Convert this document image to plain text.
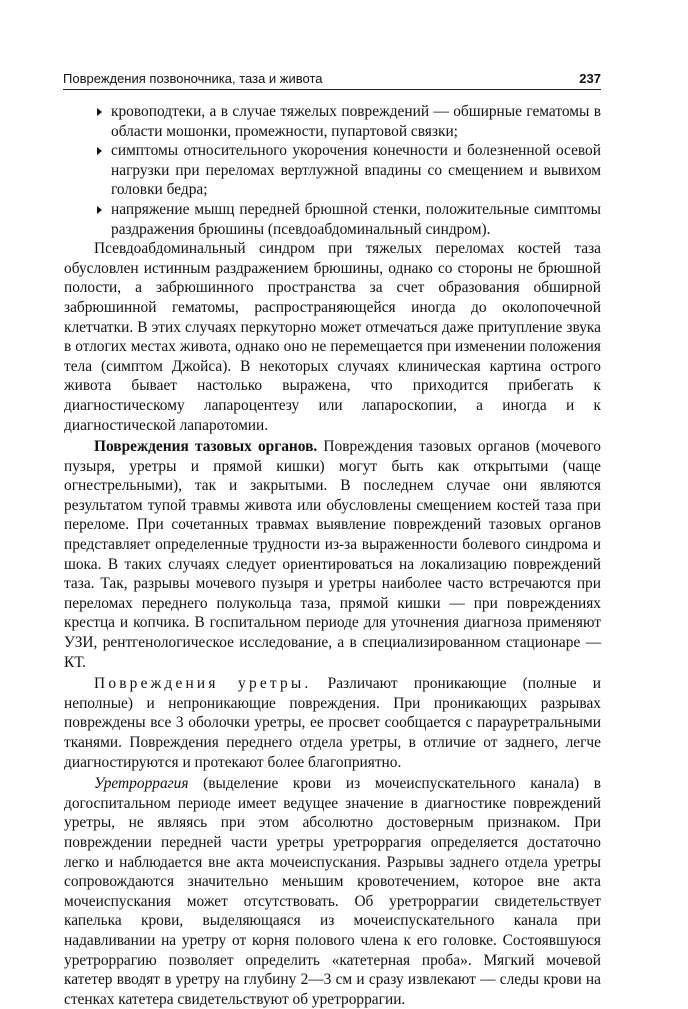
Повреждения позвоночника, таза и живота	237
кровоподтеки, а в случае тяжелых повреждений — обширные гематомы в области мошонки, промежности, пупартовой связки;
симптомы относительного укорочения конечности и болезненной осевой нагрузки при переломах вертлужной впадины со смещением и вывихом головки бедра;
напряжение мышц передней брюшной стенки, положительные симптомы раздражения брюшины (псевдоабдоминальный синдром).

Псевдоабдоминальный синдром при тяжелых переломах костей таза обусловлен истинным раздражением брюшины, однако со стороны не брюшной полости, а забрюшинного пространства за счет образования обширной забрюшинной гематомы, распространяющейся иногда до околопочечной клетчатки. В этих случаях перкуторно может отмечаться даже притупление звука в отлогих местах живота, однако оно не перемещается при изменении положения тела (симптом Джойса). В некоторых случаях клиническая картина острого живота бывает настолько выражена, что приходится прибегать к диагностическому лапароцентезу или лапароскопии, а иногда и к диагностической лапаротомии.

Повреждения тазовых органов. Повреждения тазовых органов (мочевого пузыря, уретры и прямой кишки) могут быть как открытыми (чаще огнестрельными), так и закрытыми. В последнем случае они являются результатом тупой травмы живота или обусловлены смещением костей таза при переломе. При сочетанных травмах выявление повреждений тазовых органов представляет определенные трудности из-за выраженности болевого синдрома и шока. В таких случаях следует ориентироваться на локализацию повреждений таза. Так, разрывы мочевого пузыря и уретры наиболее часто встречаются при переломах переднего полукольца таза, прямой кишки — при повреждениях крестца и копчика. В госпитальном периоде для уточнения диагноза применяют УЗИ, рентгенологическое исследование, а в специализированном стационаре — КТ.

Повреждения уретры. Различают проникающие (полные и неполные) и непроникающие повреждения. При проникающих разрывах повреждены все 3 оболочки уретры, ее просвет сообщается с парауретральными тканями. Повреждения переднего отдела уретры, в отличие от заднего, легче диагностируются и протекают более благоприятно.

Уретроррагия (выделение крови из мочеиспускательного канала) в догоспитальном периоде имеет ведущее значение в диагностике повреждений уретры, не являясь при этом абсолютно достоверным признаком. При повреждении передней части уретры уретроррагия определяется достаточно легко и наблюдается вне акта мочеиспускания. Разрывы заднего отдела уретры сопровождаются значительно меньшим кровотечением, которое вне акта мочеиспускания может отсутствовать. Об уретроррагии свидетельствует капелька крови, выделяющаяся из мочеиспускательного канала при надавливании на уретру от корня полового члена к его головке. Состоявшуюся уретроррагию позволяет определить «катетерная проба». Мягкий мочевой катетер вводят в уретру на глубину 2—3 см и сразу извлекают — следы крови на стенках катетера свидетельствуют об уретроррагии.
